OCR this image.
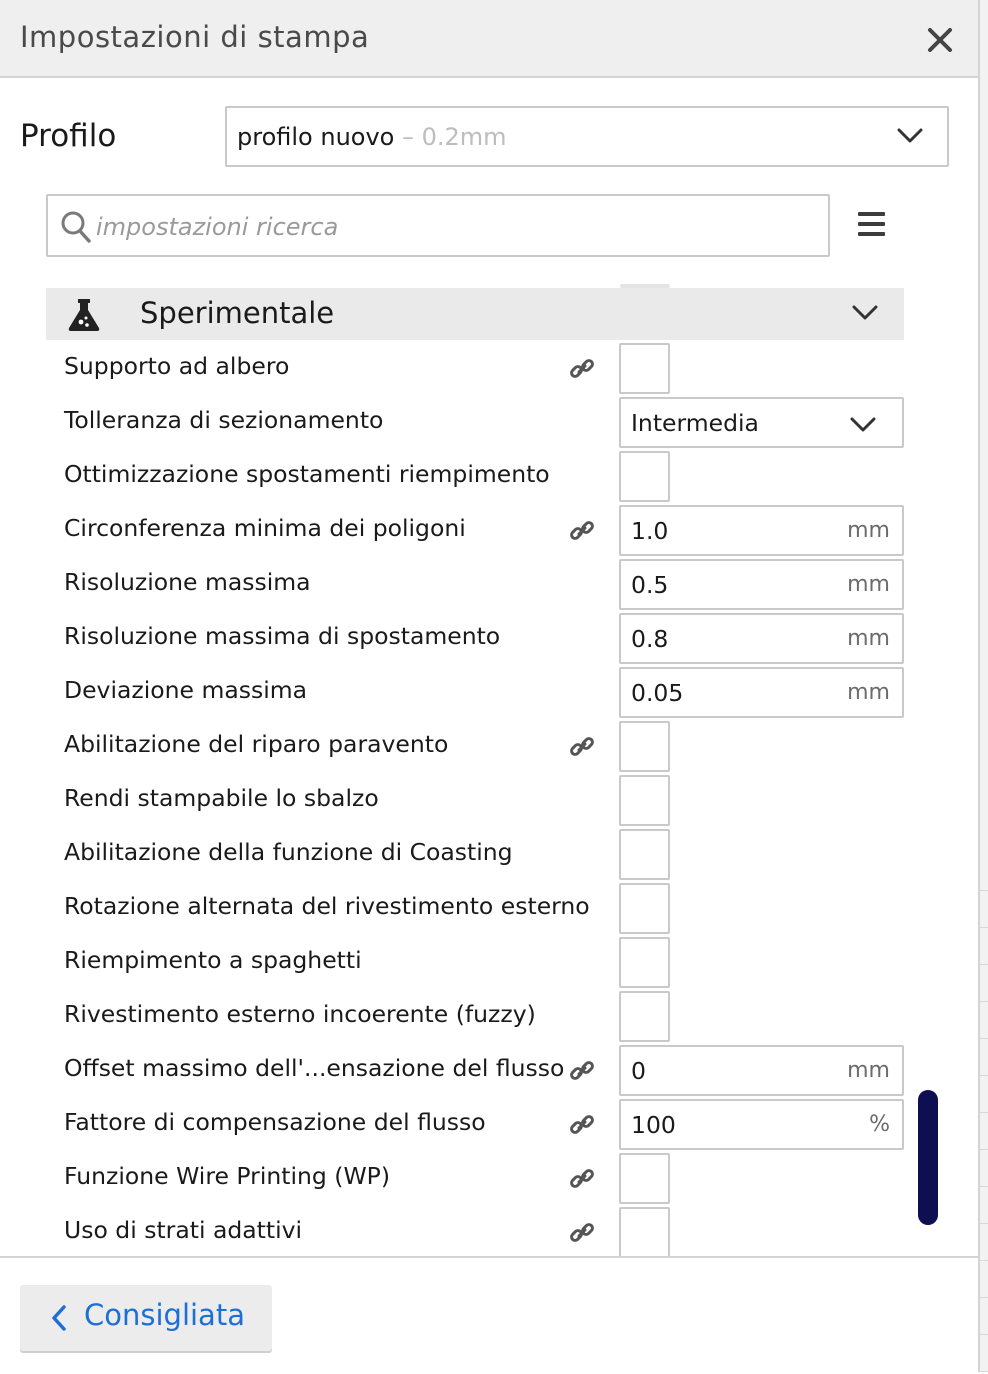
Impostazioni di stampa
Profilo	profilo nuovo – 0.2mm
impostazioni ricerca
Sperimentale
Supporto ad albero
Tolleranza di sezionamento	Intermedia
Ottimizzazione spostamenti riempimento
Circonferenza minima dei poligoni	1.0	mm
Risoluzione massima	0.5	mm
Risoluzione massima di spostamento	0.8	mm
Deviazione massima	0.05	mm
Abilitazione del riparo paravento
Rendi stampabile lo sbalzo
Abilitazione della funzione di Coasting
Rotazione alternata del rivestimento esterno
Riempimento a spaghetti
Rivestimento esterno incoerente (fuzzy)
Offset massimo dell'...ensazione del flusso	0	mm
Fattore di compensazione del flusso	100	%
Funzione Wire Printing (WP)
Uso di strati adattivi
Consigliata
